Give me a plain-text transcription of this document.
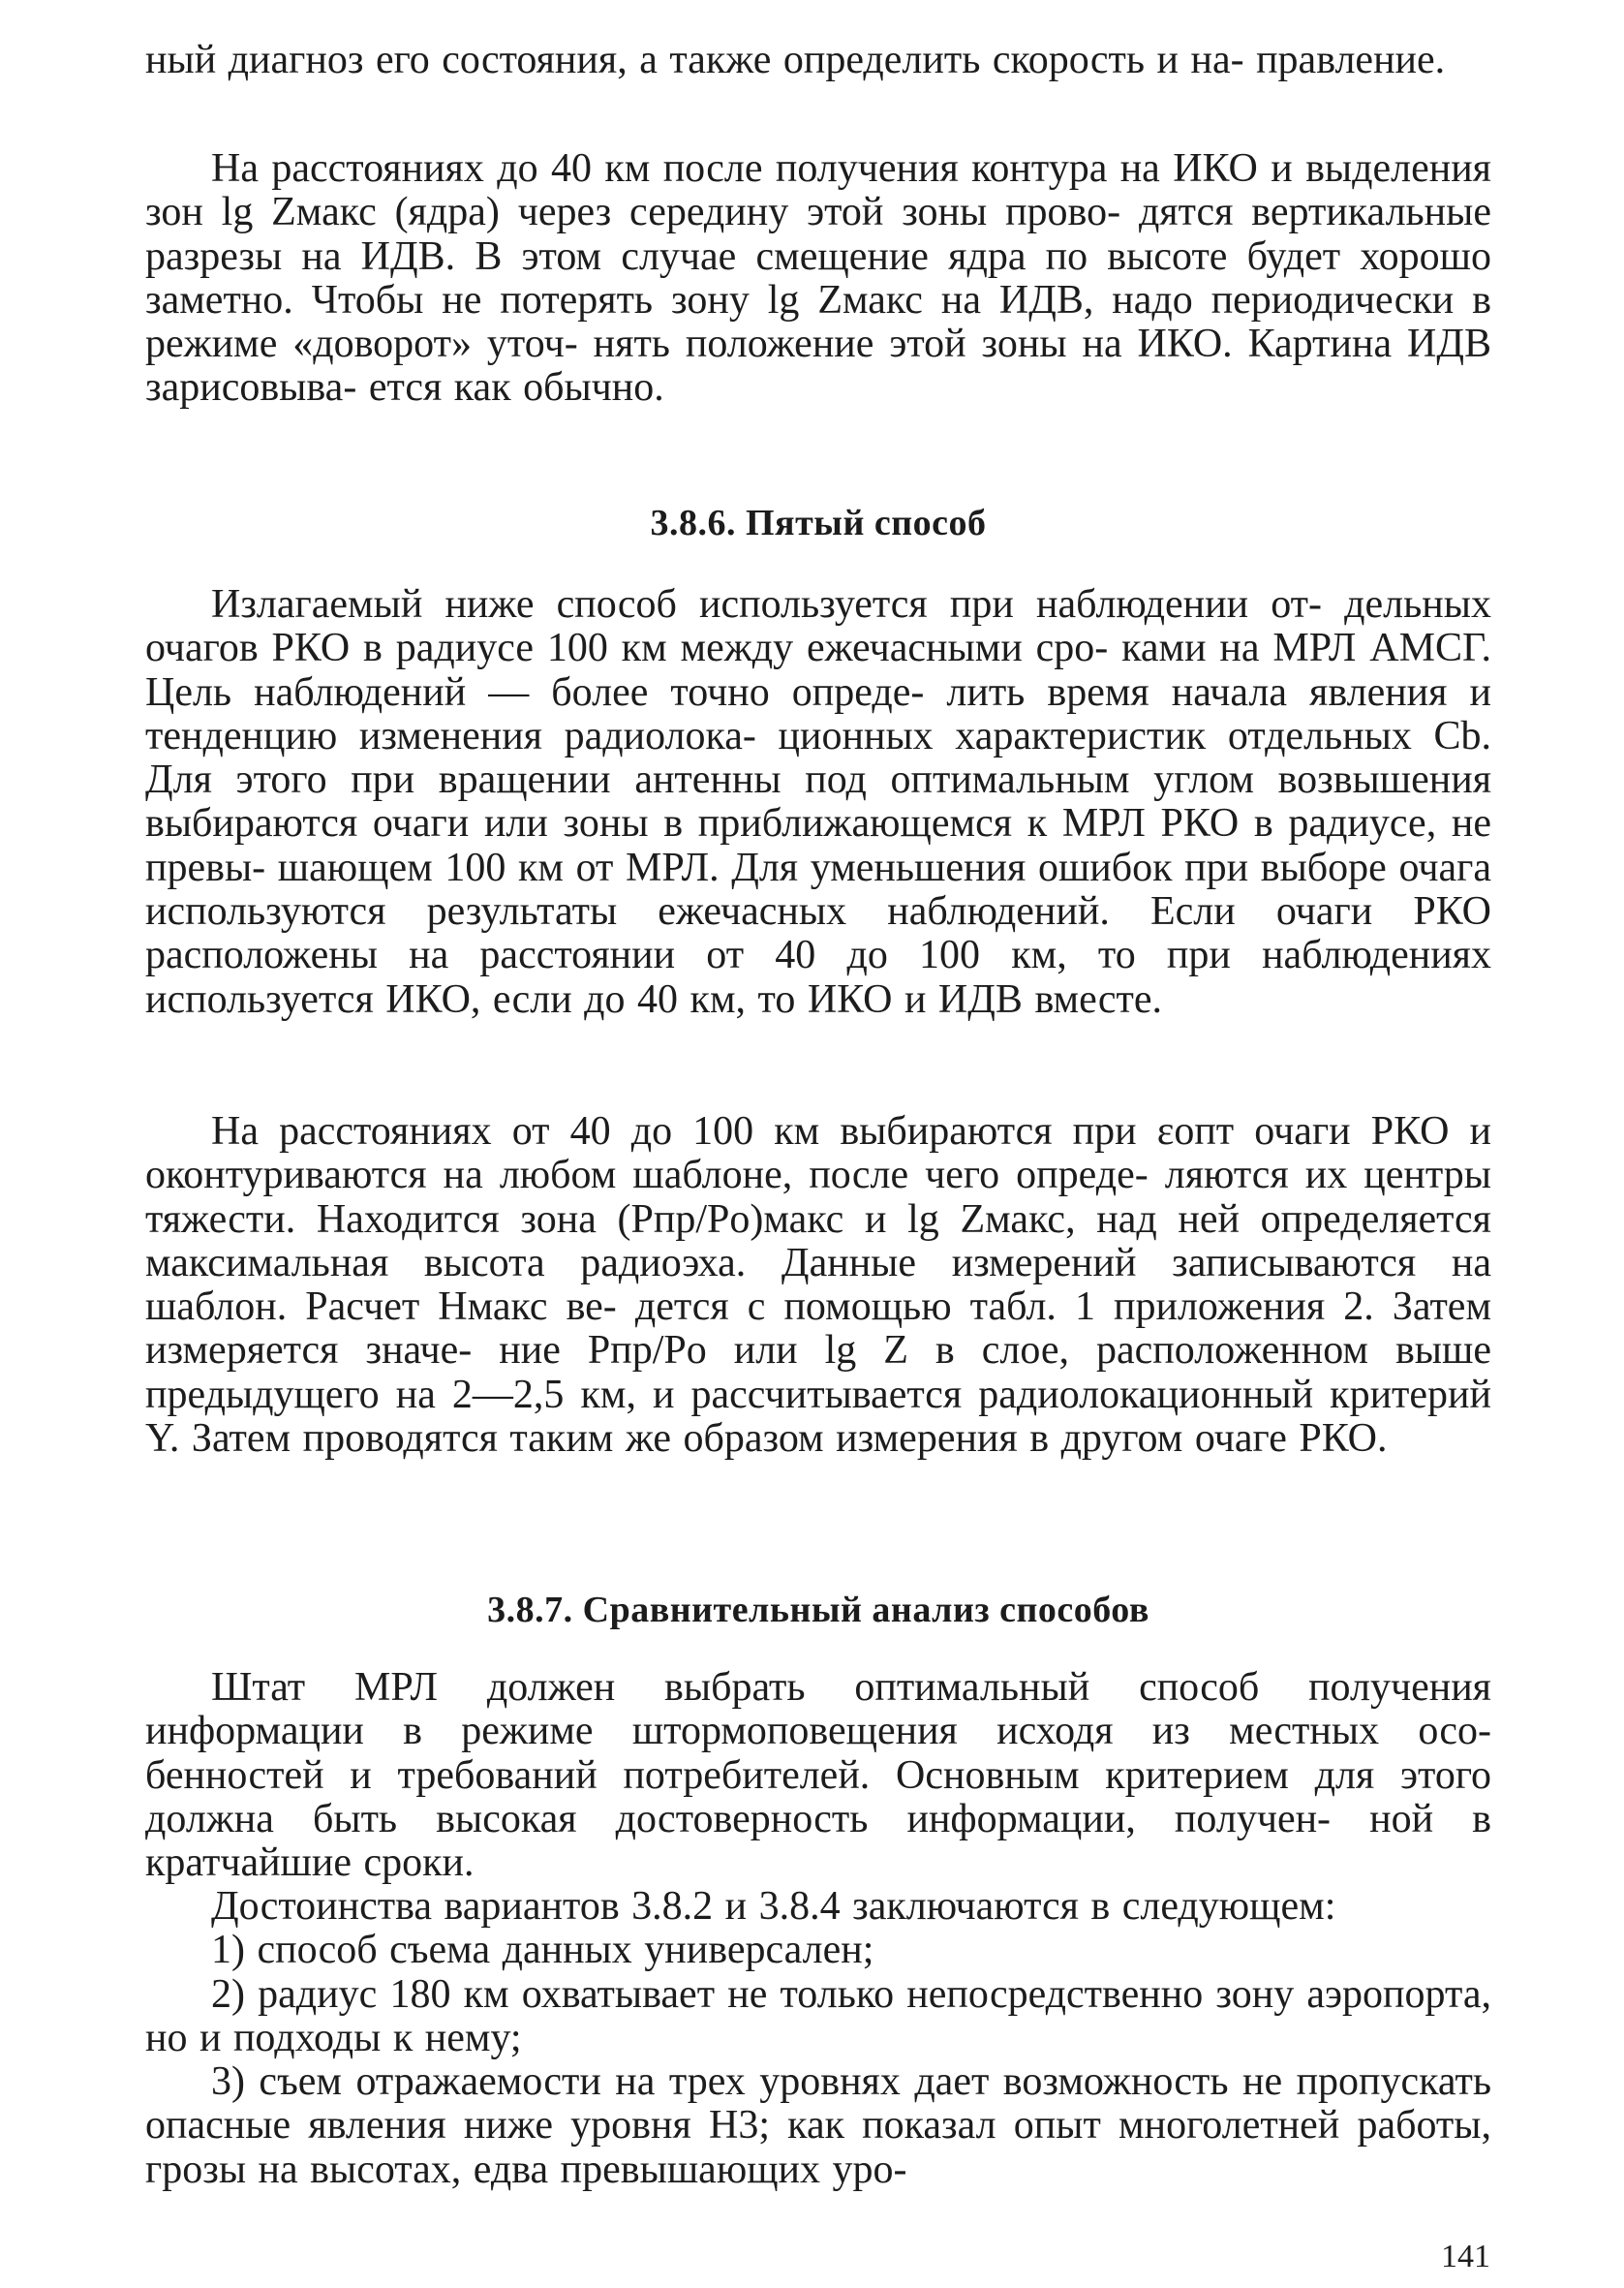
ный диагноз его состояния, а также определить скорость и на- правление.

На расстояниях до 40 км после получения контура на ИКО и выделения зон lg Zмакс (ядра) через середину этой зоны прово- дятся вертикальные разрезы на ИДВ. В этом случае смещение ядра по высоте будет хорошо заметно. Чтобы не потерять зону lg Zмакс на ИДВ, надо периодически в режиме «доворот» уточ- нять положение этой зоны на ИКО. Картина ИДВ зарисовыва- ется как обычно.

3.8.6. Пятый способ

Излагаемый ниже способ используется при наблюдении от- дельных очагов РКО в радиусе 100 км между ежечасными сро- ками на МРЛ АМСГ. Цель наблюдений — более точно опреде- лить время начала явления и тенденцию изменения радиолока- ционных характеристик отдельных Cb. Для этого при вращении антенны под оптимальным углом возвышения выбираются очаги или зоны в приближающемся к МРЛ РКО в радиусе, не превы- шающем 100 км от МРЛ. Для уменьшения ошибок при выборе очага используются результаты ежечасных наблюдений. Если очаги РКО расположены на расстоянии от 40 до 100 км, то при наблюдениях используется ИКО, если до 40 км, то ИКО и ИДВ вместе.

На расстояниях от 40 до 100 км выбираются при εопт очаги РКО и оконтуриваются на любом шаблоне, после чего опреде- ляются их центры тяжести. Находится зона (Pпр/Pо)макс и lg Zмакс, над ней определяется максимальная высота радиоэха. Данные измерений записываются на шаблон. Расчет Hмакс ве- дется с помощью табл. 1 приложения 2. Затем измеряется значе- ние Pпр/Pо или lg Z в слое, расположенном выше предыдущего на 2—2,5 км, и рассчитывается радиолокационный критерий Y. Затем проводятся таким же образом измерения в другом очаге РКО.

3.8.7. Сравнительный анализ способов

Штат МРЛ должен выбрать оптимальный способ получения информации в режиме штормоповещения исходя из местных осо- бенностей и требований потребителей. Основным критерием для этого должна быть высокая достоверность информации, получен- ной в кратчайшие сроки.

Достоинства вариантов 3.8.2 и 3.8.4 заключаются в следующем:

1) способ съема данных универсален;

2) радиус 180 км охватывает не только непосредственно зону аэропорта, но и подходы к нему;

3) съем отражаемости на трех уровнях дает возможность не пропускать опасные явления ниже уровня H3; как показал опыт многолетней работы, грозы на высотах, едва превышающих уро-

141
